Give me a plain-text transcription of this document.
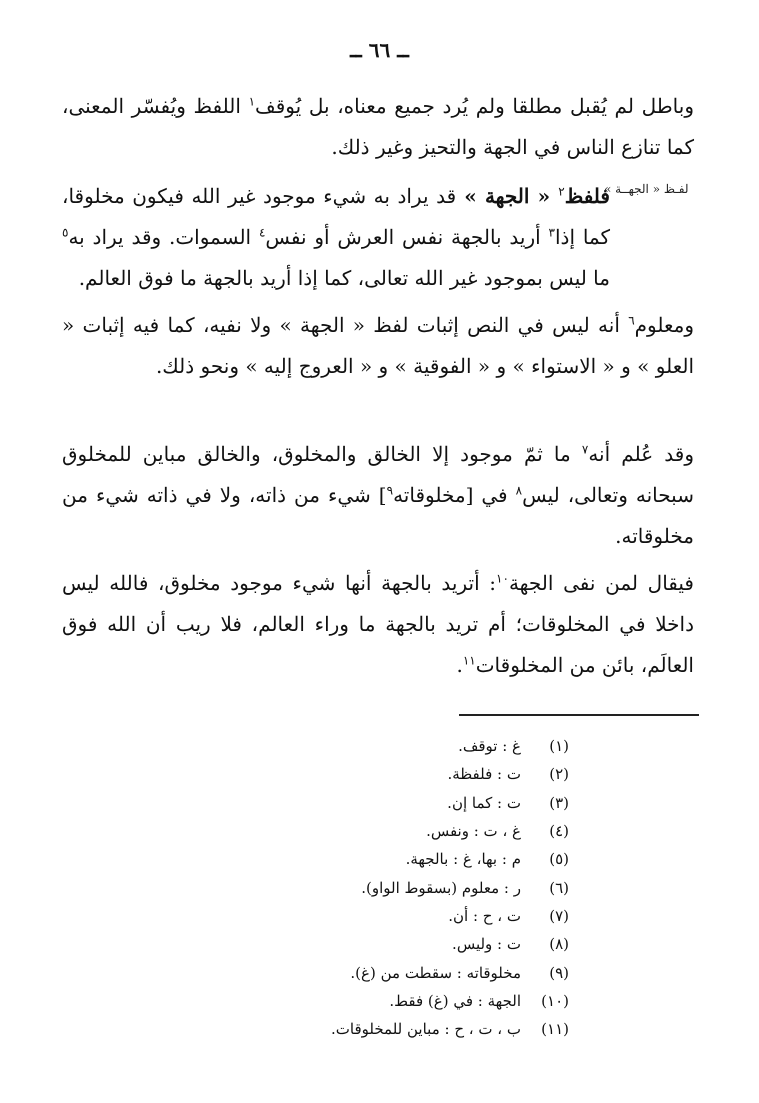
ــ ٦٦ ــ
لفـظ « الجهــة »

وباطل لم يُقبل مطلقا ولم يُرد جميع معناه، بل يُوقف$^١$ اللفظ ويُفسّر المعنى، كما تنازع الناس في الجهة والتحيز وغير ذلك.

فلفظ$^٢$ « الجهة » قد يراد به شيء موجود غير الله فيكون مخلوقا، كما إذا$^٣$ أريد بالجهة نفس العرش أو نفس$^٤$ السموات. وقد يراد به$^٥$ ما ليس بموجود غير الله تعالى، كما إذا أريد بالجهة ما فوق العالم.

ومعلوم$^٦$ أنه ليس في النص إثبات لفظ « الجهة » ولا نفيه، كما فيه إثبات « العلو » و « الاستواء » و « الفوقية » و « العروج إليه » ونحو ذلك.

وقد عُلم أنه$^٧$ ما ثمّ موجود إلا الخالق والمخلوق، والخالق مباين للمخلوق سبحانه وتعالى، ليس$^٨$ في [مخلوقاته$^٩$] شيء من ذاته، ولا في ذاته شيء من مخلوقاته.

فيقال لمن نفى الجهة$^{١٠}$: أتريد بالجهة أنها شيء موجود مخلوق، فالله ليس داخلا في المخلوقات؛ أم تريد بالجهة ما وراء العالم، فلا ريب أن الله فوق العالَم، بائن من المخلوقات$^{١١}$.

(١)
غ : توقف.
(٢)
ت : فلفظة.
(٣)
ت : كما إن.
(٤)
غ ، ت : ونفس.
(٥)
م : بها، غ : بالجهة.
(٦)
ر : معلوم (بسقوط الواو).
(٧)
ت ، ح : أن.
(٨)
ت : وليس.
(٩)
مخلوقاته : سقطت من (غ).
(١٠)
الجهة : في (غ) فقط.
(١١)
ب ، ت ، ح : مباين للمخلوقات.
